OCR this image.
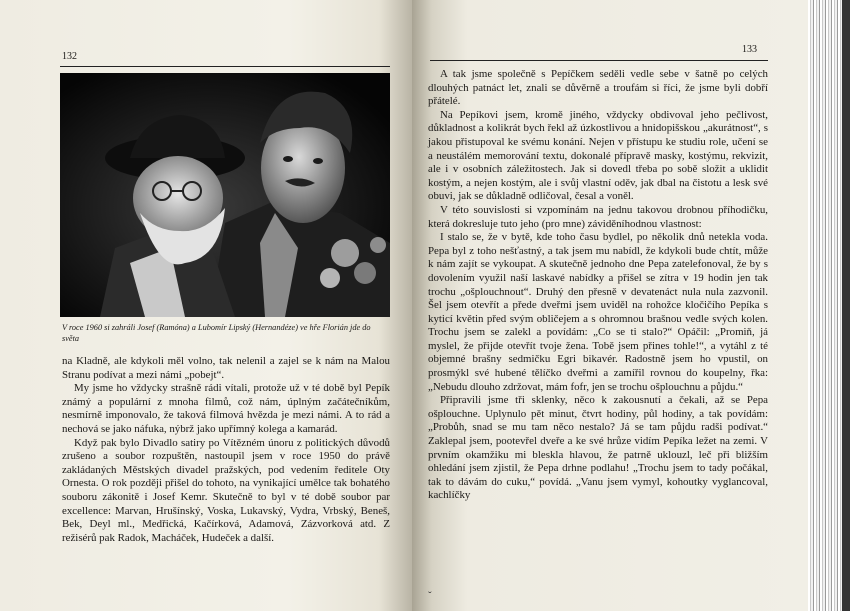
132
V roce 1960 si zahráli Josef (Ramóna) a Lubomír Lipský (Hernandéze) ve hře Florián jde do světa

na Kladně, ale kdykoli měl volno, tak nelenil a zajel se k nám na Malou Stranu podívat a mezi námi „pobejt“.

My jsme ho vždycky strašně rádi vítali, protože už v té době byl Pepík známý a populární z mnoha filmů, což nám, úplným začátečníkům, nesmírně imponovalo, že taková filmová hvězda je mezi námi. A to rád a nechová se jako náfuka, nýbrž jako upřímný kolega a kamarád.

Když pak bylo Divadlo satiry po Vítězném únoru z politických důvodů zrušeno a soubor rozpuštěn, nastoupil jsem v roce 1950 do právě zakládaných Městských divadel pražských, pod vedením ředitele Oty Ornesta. O rok později přišel do tohoto, na vynikající umělce tak bohatého souboru zákonitě i Josef Kemr. Skutečně to byl v té době soubor par excellence: Marvan, Hrušínský, Voska, Lukavský, Vydra, Vrbský, Beneš, Bek, Deyl ml., Medřická, Kačírková, Adamová, Zázvorková atd. Z režisérů pak Radok, Macháček, Hudeček a další.

133

A tak jsme společně s Pepíčkem seděli vedle sebe v šatně po celých dlouhých patnáct let, znali se důvěrně a troufám si říci, že jsme byli dobří přátelé.

Na Pepíkovi jsem, kromě jiného, vždycky obdivoval jeho pečlivost, důkladnost a kolikrát bych řekl až úzkostlivou a hnidopišskou „akurátnost“, s jakou přistupoval ke svému konání. Nejen v přístupu ke studiu role, učení se a neustálém memorování textu, dokonalé přípravě masky, kostýmu, rekvizit, ale i v osobních záležitostech. Jak si dovedl třeba po sobě složit a uklidit kostým, a nejen kostým, ale i svůj vlastní oděv, jak dbal na čistotu a lesk své obuvi, jak se důkladně odličoval, česal a voněl.

V této souvislosti si vzpomínám na jednu takovou drobnou příhodičku, která dokresluje tuto jeho (pro mne) záviděníhodnou vlastnost:

I stalo se, že v bytě, kde toho času bydlel, po několik dnů netekla voda. Pepa byl z toho nešťastný, a tak jsem mu nabídl, že kdykoli bude chtít, může k nám zajít se vykoupat. A skutečně jednoho dne Pepa zatelefonoval, že by s dovolením využil naší laskavé nabídky a přišel se zítra v 19 hodin jen tak trochu „ošplouchnout“. Druhý den přesně v devatenáct nula nula zazvonil. Šel jsem otevřít a přede dveřmi jsem uviděl na rohožce kločičího Pepíka s kyticí květin před svým obličejem a s ohromnou brašnou vedle svých kolen. Trochu jsem se zalekl a povídám: „Co se ti stalo?“ Opáčil: „Promiň, já myslel, že přijde otevřít tvoje žena. Tobě jsem přines tohle!“, a vytáhl z té objemné brašny sedmičku Egri bikavér. Radostně jsem ho vpustil, on prosmýkl své hubené tělíčko dveřmi a zamířil rovnou do koupelny, řka: „Nebudu dlouho zdržovat, mám fofr, jen se trochu ošplouchnu a půjdu.“

Připravili jsme tři sklenky, něco k zakousnutí a čekali, až se Pepa ošplouchne. Uplynulo pět minut, čtvrt hodiny, půl hodiny, a tak povídám: „Probůh, snad se mu tam něco nestalo? Já se tam půjdu radši podívat.“ Zaklepal jsem, pootevřel dveře a ke své hrůze vidím Pepíka ležet na zemi. V prvním okamžiku mi bleskla hlavou, že patrně uklouzl, leč při bližším ohledání jsem zjistil, že Pepa drhne podlahu! „Trochu jsem to tady počákal, tak to dávám do cuku,“ povídá. „Vanu jsem vymyl, kohoutky vyglancoval, kachlíčky

ˇ
